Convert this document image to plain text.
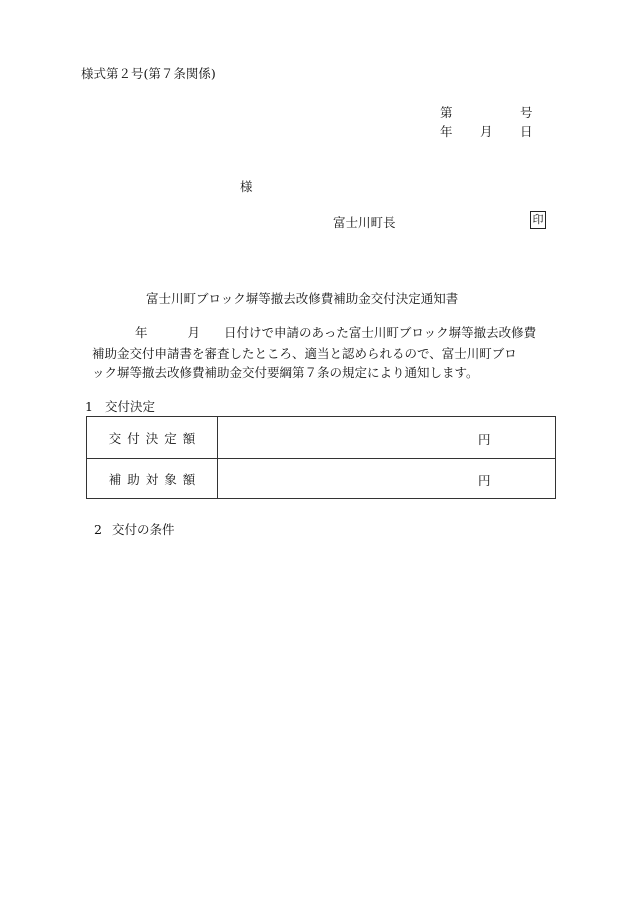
様式第２号(第７条関係)
第	号
年 月 日
様
富士川町長	印
富士川町ブロック塀等撤去改修費補助金交付決定通知書
年	月 日付けで申請のあった富士川町ブロック塀等撤去改修費
補助金交付申請書を審査したところ、適当と認められるので、富士川町ブロ
ック塀等撤去改修費補助金交付要綱第７条の規定により通知します。
1 交付決定
交付決定額	円
補助対象額	円
2 交付の条件
